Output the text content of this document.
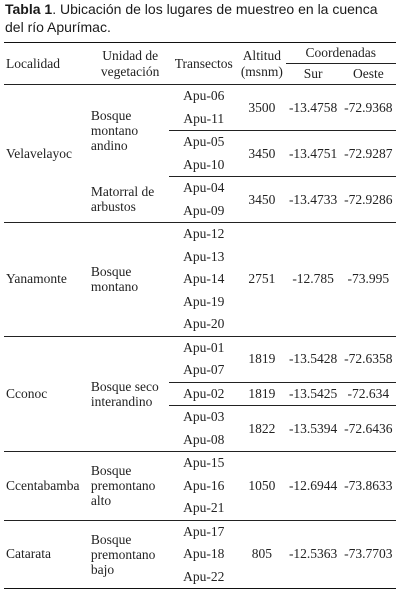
Tabla 1. Ubicación de los lugares de muestreo en la cuenca del río Apurímac.
Localidad	Unidad de vegetación	Transectos	Altitud (msnm)	Coordenadas	
				Sur	Oeste
Velavelayoc	Bosque montano andino	Apu-06	3500	-13.4758	-72.9368
		Apu-11			
		Apu-05	3450	-13.4751	-72.9287
		Apu-10			
	Matorral de arbustos	Apu-04	3450	-13.4733	-72.9286
		Apu-09			
Yanamonte	Bosque montano	Apu-12	2751	-12.785	-73.995
		Apu-13			
		Apu-14			
		Apu-19			
		Apu-20			
Cconoc	Bosque seco interandino	Apu-01	1819	-13.5428	-72.6358
		Apu-07			
		Apu-02	1819	-13.5425	-72.634
		Apu-03	1822	-13.5394	-72.6436
		Apu-08			
Ccentabamba	Bosque premontano alto	Apu-15	1050	-12.6944	-73.8633
		Apu-16			
		Apu-21			
Catarata	Bosque premontano bajo	Apu-17	805	-12.5363	-73.7703
		Apu-18			
		Apu-22			
